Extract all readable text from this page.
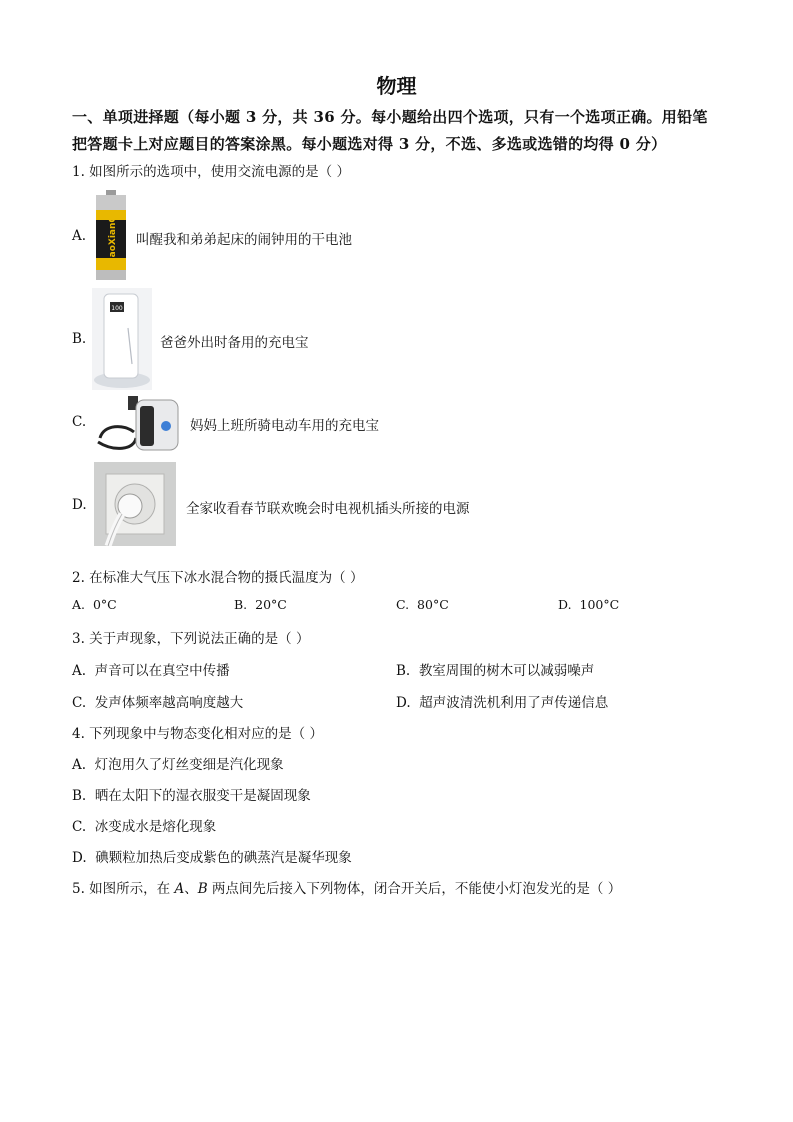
物理
一、单项进择题（每小题 3 分，共 36 分。每小题给出四个选项，只有一个选项正确。用铅笔
把答题卡上对应题目的答案涂黑。每小题选对得 3 分，不选、多选或选错的均得 0 分）
1. 如图所示的选项中，使用交流电源的是（ ）
A. GaoXianG 叫醒我和弟弟起床的闹钟用的干电池
B.
100
爸爸外出时备用的充电宝
C.	妈妈上班所骑电动车用的充电宝
D.	全家收看春节联欢晚会时电视机插头所接的电源
2. 在标准大气压下冰水混合物的摄氏温度为（ ）
A. 0°C	B. 20°C	C. 80°C	D. 100°C
3. 关于声现象，下列说法正确的是（ ）
A. 声音可以在真空中传播	B. 教室周围的树木可以减弱噪声
C. 发声体频率越高响度越大	D. 超声波清洗机利用了声传递信息
4. 下列现象中与物态变化相对应的是（ ）
A. 灯泡用久了灯丝变细是汽化现象
B. 晒在太阳下的湿衣服变干是凝固现象
C. 冰变成水是熔化现象
D. 碘颗粒加热后变成紫色的碘蒸汽是凝华现象
5. 如图所示，在 A、B 两点间先后接入下列物体，闭合开关后，不能使小灯泡发光的是（ ）
